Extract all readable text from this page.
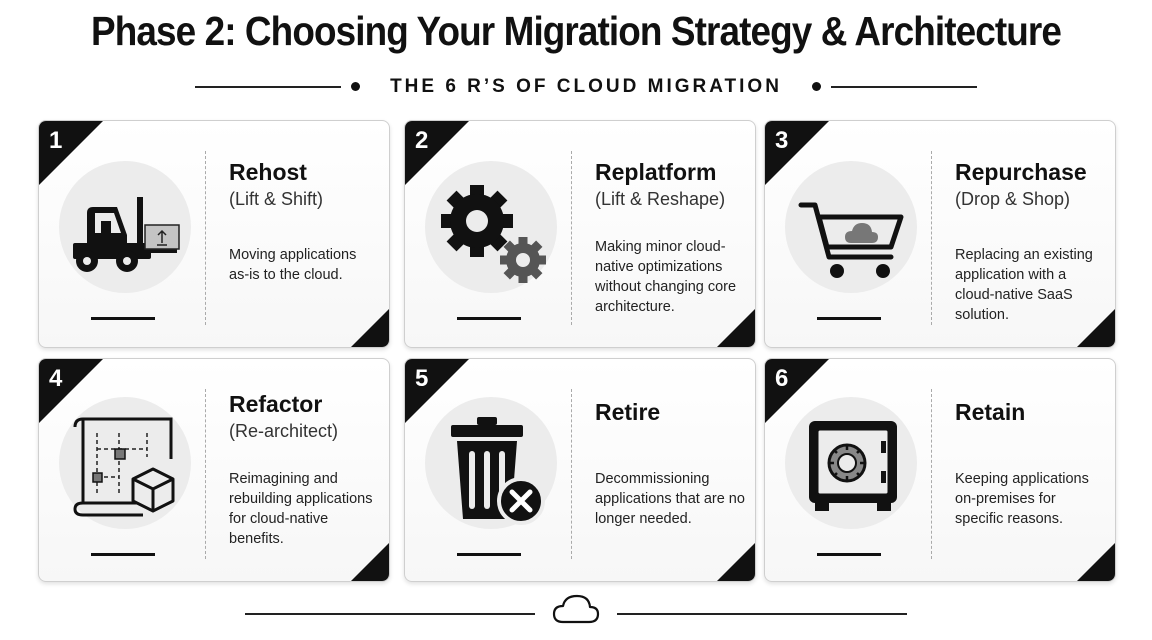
Phase 2: Choosing Your Migration Strategy & Architecture
THE 6 R’S OF CLOUD MIGRATION
1
Rehost
(Lift & Shift)
Moving applications as-is to the cloud.
2
Replatform
(Lift & Reshape)
Making minor cloud-native optimizations without changing core architecture.
3
Repurchase
(Drop & Shop)
Replacing an existing application with a cloud-native SaaS solution.
4
Refactor
(Re-architect)
Reimagining and rebuilding applications for cloud-native benefits.
5
Retire
Decommissioning applications that are no longer needed.
6
Retain
Keeping applications on-premises for specific reasons.
